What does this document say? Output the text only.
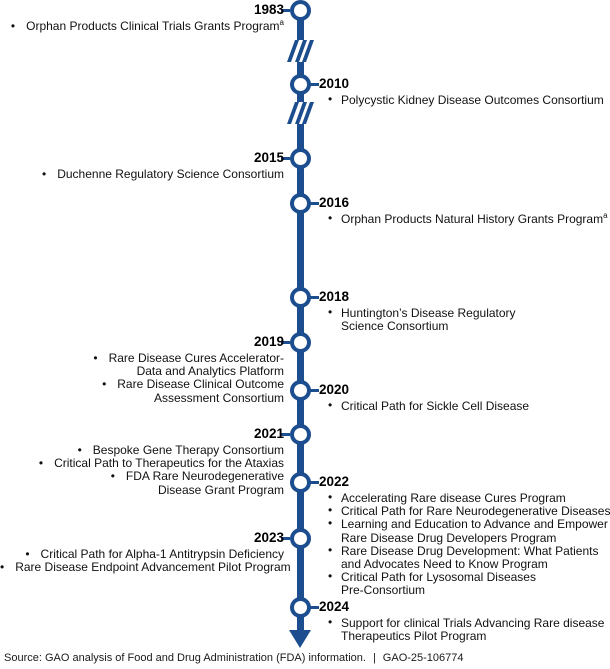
1983
• Orphan Products Clinical Trials Grants Program$^a$
2010
• Polycystic Kidney Disease Outcomes Consortium
2015
• Duchenne Regulatory Science Consortium
2016
• Orphan Products Natural History Grants Program$^a$
2018
• Huntington’s Disease Regulatory
Science Consortium
2019
• Rare Disease Cures Accelerator-
Data and Analytics Platform
• Rare Disease Clinical Outcome
Assessment Consortium
2020
• Critical Path for Sickle Cell Disease
2021
• Bespoke Gene Therapy Consortium
• Critical Path to Therapeutics for the Ataxias
• FDA Rare Neurodegenerative
Disease Grant Program
2022
• Accelerating Rare disease Cures Program
• Critical Path for Rare Neurodegenerative Diseases
• Learning and Education to Advance and Empower
Rare Disease Drug Developers Program
• Rare Disease Drug Development: What Patients
and Advocates Need to Know Program
• Critical Path for Lysosomal Diseases
Pre-Consortium
2023
• Critical Path for Alpha-1 Antitrypsin Deficiency
• Rare Disease Endpoint Advancement Pilot Program
2024
• Support for clinical Trials Advancing Rare disease
Therapeutics Pilot Program
Source: GAO analysis of Food and Drug Administration (FDA) information. | GAO-25-106774
